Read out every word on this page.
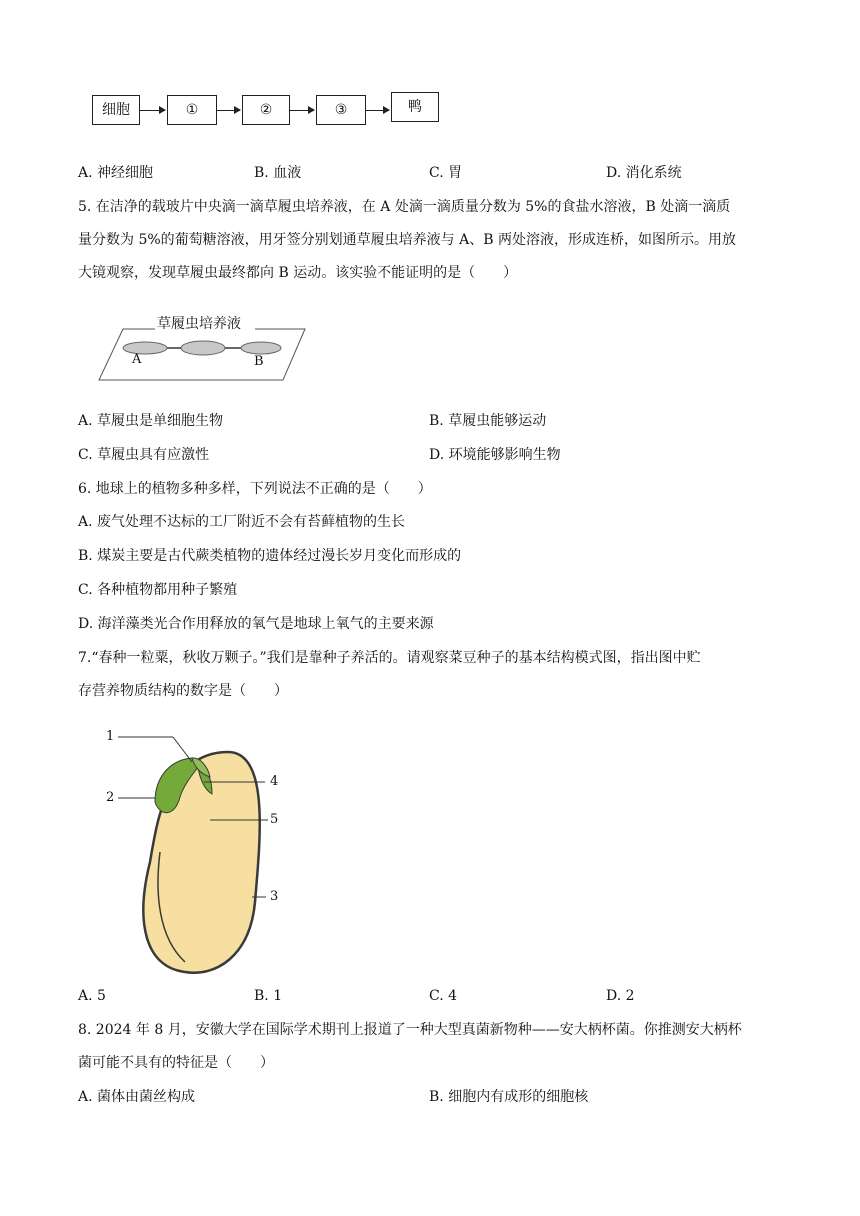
细胞	①	②	③	鸭
A. 神经细胞	B. 血液	C. 胃	D. 消化系统
5. 在洁净的载玻片中央滴一滴草履虫培养液，在 A 处滴一滴质量分数为 5%的食盐水溶液，B 处滴一滴质
量分数为 5%的葡萄糖溶液，用牙签分别划通草履虫培养液与 A、B 两处溶液，形成连桥，如图所示。用放
大镜观察，发现草履虫最终都向 B 运动。该实验不能证明的是（　　）
草履虫培养液
A	B
A. 草履虫是单细胞生物	B. 草履虫能够运动
C. 草履虫具有应激性	D. 环境能够影响生物
6. 地球上的植物多种多样，下列说法不正确的是（　　）
A. 废气处理不达标的工厂附近不会有苔藓植物的生长
B. 煤炭主要是古代蕨类植物的遗体经过漫长岁月变化而形成的
C. 各种植物都用种子繁殖
D. 海洋藻类光合作用释放的氧气是地球上氧气的主要来源
7.“春种一粒粟，秋收万颗子。”我们是靠种子养活的。请观察菜豆种子的基本结构模式图，指出图中贮
存营养物质结构的数字是（　　）
1
2
3
4
5
A. 5	B. 1	C. 4	D. 2
8. 2024 年 8 月，安徽大学在国际学术期刊上报道了一种大型真菌新物种——安大柄杯菌。你推测安大柄杯
菌可能不具有的特征是（　　）
A. 菌体由菌丝构成	B. 细胞内有成形的细胞核
